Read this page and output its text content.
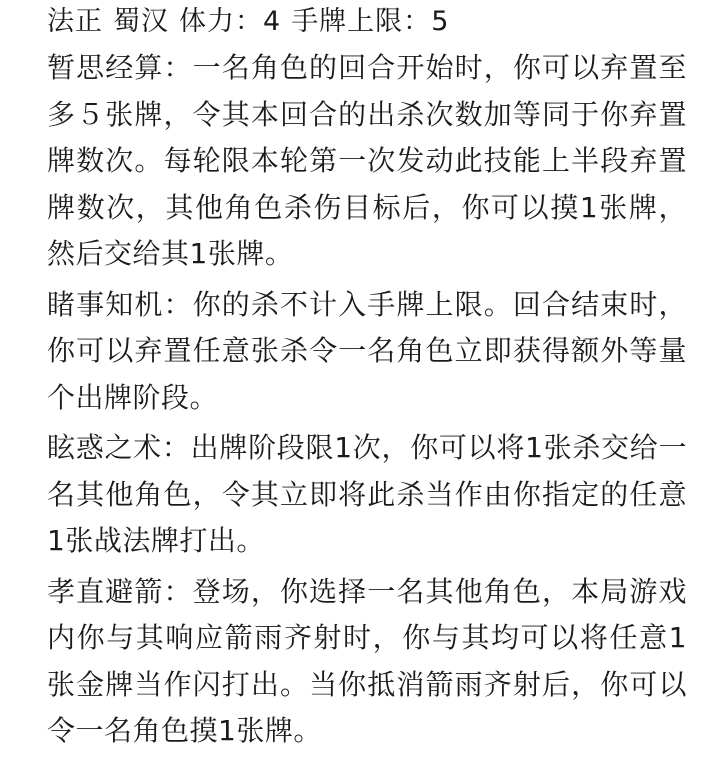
法正 蜀汉 体力：4 手牌上限：5
暂思经算：一名角色的回合开始时，你可以弃置至多５张牌，令其本回合的出杀次数加等同于你弃置牌数次。每轮限本轮第一次发动此技能上半段弃置牌数次，其他角色杀伤目标后，你可以摸1张牌，然后交给其1张牌。
睹事知机：你的杀不计入手牌上限。回合结束时，你可以弃置任意张杀令一名角色立即获得额外等量个出牌阶段。
眩惑之术：出牌阶段限1次，你可以将1张杀交给一名其他角色，令其立即将此杀当作由你指定的任意1张战法牌打出。
孝直避箭：登场，你选择一名其他角色，本局游戏内你与其响应箭雨齐射时，你与其均可以将任意1张金牌当作闪打出。当你抵消箭雨齐射后，你可以令一名角色摸1张牌。
